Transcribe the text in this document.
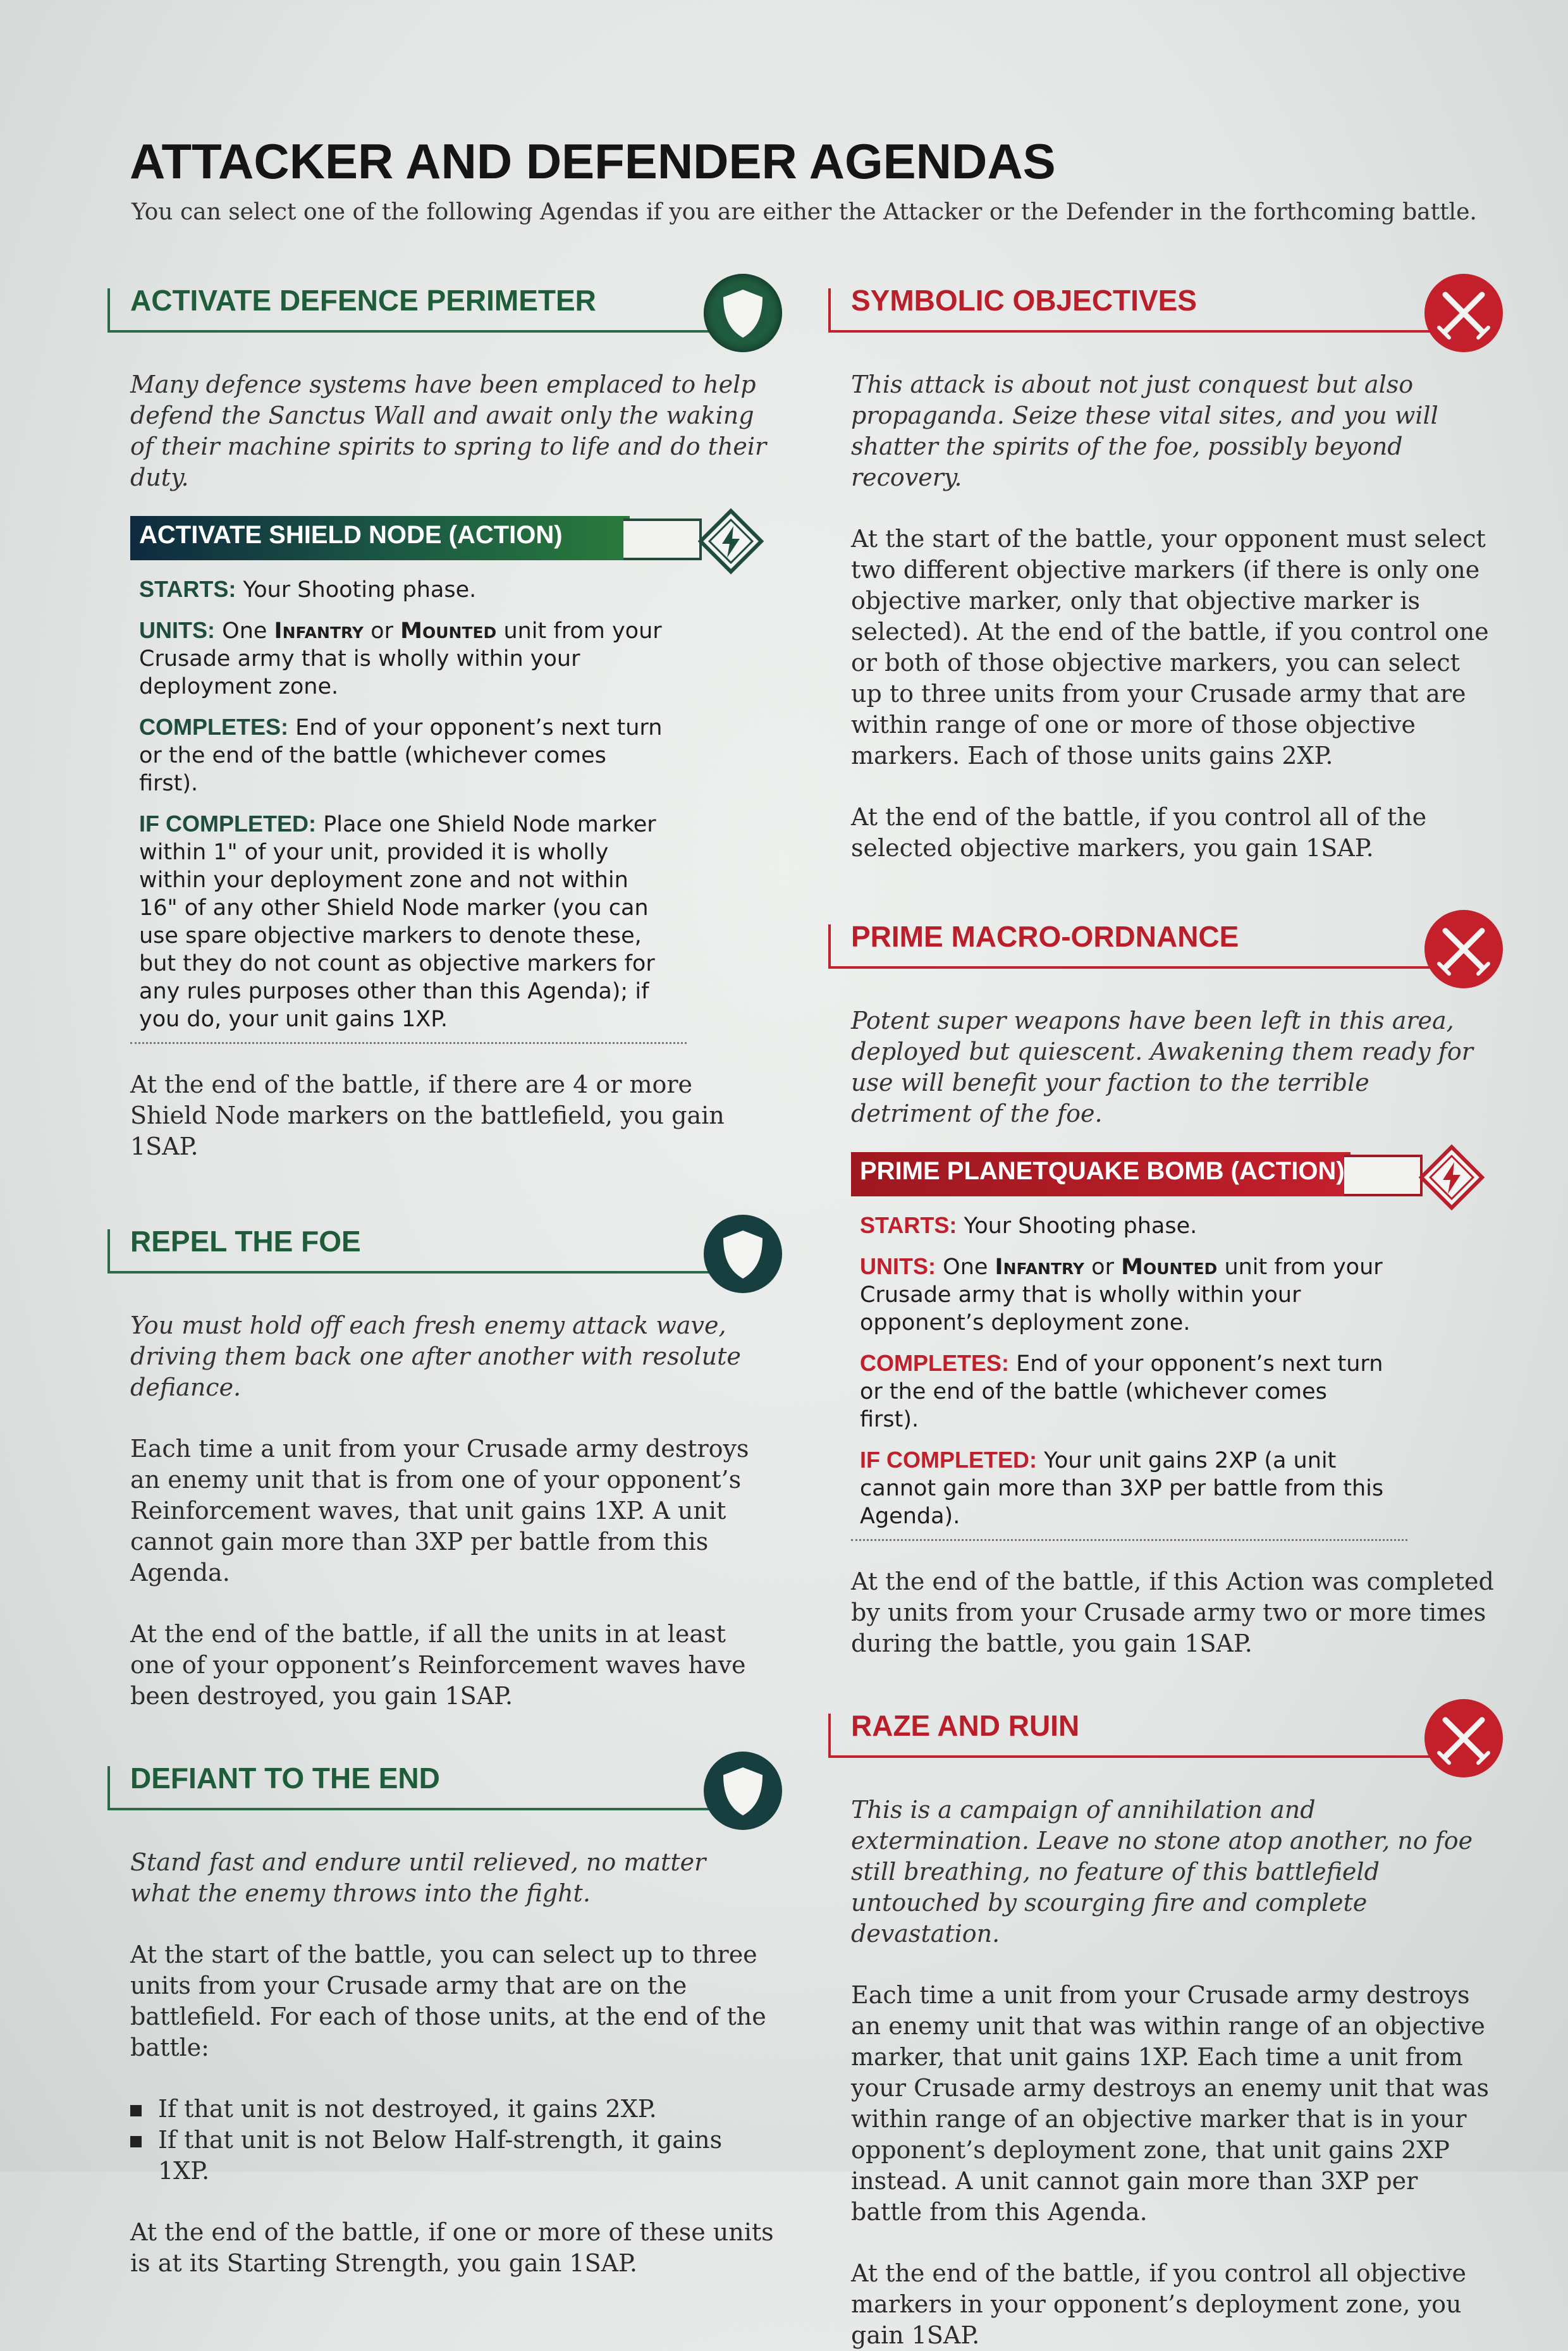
ATTACKER AND DEFENDER AGENDAS

You can select one of the following Agendas if you are either the Attacker or the Defender in the forthcoming battle.

ACTIVATE DEFENCE PERIMETER
Many defence systems have been emplaced to help defend the Sanctus Wall and await only the waking of their machine spirits to spring to life and do their duty.
ACTIVATE SHIELD NODE (ACTION)
STARTS: Your Shooting phase.
UNITS: One Infantry or Mounted unit from your Crusade army that is wholly within your deployment zone.
COMPLETES: End of your opponent’s next turn or the end of the battle (whichever comes first).
IF COMPLETED: Place one Shield Node marker within 1" of your unit, provided it is wholly within your deployment zone and not within 16" of any other Shield Node marker (you can use spare objective markers to denote these, but they do not count as objective markers for any rules purposes other than this Agenda); if you do, your unit gains 1XP.
At the end of the battle, if there are 4 or more Shield Node markers on the battlefield, you gain 1SAP.
REPEL THE FOE
You must hold off each fresh enemy attack wave, driving them back one after another with resolute defiance.
Each time a unit from your Crusade army destroys an enemy unit that is from one of your opponent’s Reinforcement waves, that unit gains 1XP. A unit cannot gain more than 3XP per battle from this Agenda.
At the end of the battle, if all the units in at least one of your opponent’s Reinforcement waves have been destroyed, you gain 1SAP.
DEFIANT TO THE END
Stand fast and endure until relieved, no matter what the enemy throws into the fight.
At the start of the battle, you can select up to three units from your Crusade army that are on the battlefield. For each of those units, at the end of the battle:
If that unit is not destroyed, it gains 2XP.
If that unit is not Below Half-strength, it gains 1XP.
At the end of the battle, if one or more of these units is at its Starting Strength, you gain 1SAP.
SYMBOLIC OBJECTIVES
This attack is about not just conquest but also propaganda. Seize these vital sites, and you will shatter the spirits of the foe, possibly beyond recovery.
At the start of the battle, your opponent must select two different objective markers (if there is only one objective marker, only that objective marker is selected). At the end of the battle, if you control one or both of those objective markers, you can select up to three units from your Crusade army that are within range of one or more of those objective markers. Each of those units gains 2XP.
At the end of the battle, if you control all of the selected objective markers, you gain 1SAP.
PRIME MACRO-ORDNANCE
Potent super weapons have been left in this area, deployed but quiescent. Awakening them ready for use will benefit your faction to the terrible detriment of the foe.
PRIME PLANETQUAKE BOMB (ACTION)
STARTS: Your Shooting phase.
UNITS: One Infantry or Mounted unit from your Crusade army that is wholly within your opponent’s deployment zone.
COMPLETES: End of your opponent’s next turn or the end of the battle (whichever comes first).
IF COMPLETED: Your unit gains 2XP (a unit cannot gain more than 3XP per battle from this Agenda).
At the end of the battle, if this Action was completed by units from your Crusade army two or more times during the battle, you gain 1SAP.
RAZE AND RUIN
This is a campaign of annihilation and extermination. Leave no stone atop another, no foe still breathing, no feature of this battlefield untouched by scourging fire and complete devastation.
Each time a unit from your Crusade army destroys an enemy unit that was within range of an objective marker, that unit gains 1XP. Each time a unit from your Crusade army destroys an enemy unit that was within range of an objective marker that is in your opponent’s deployment zone, that unit gains 2XP instead. A unit cannot gain more than 3XP per battle from this Agenda.
At the end of the battle, if you control all objective markers in your opponent’s deployment zone, you gain 1SAP.
